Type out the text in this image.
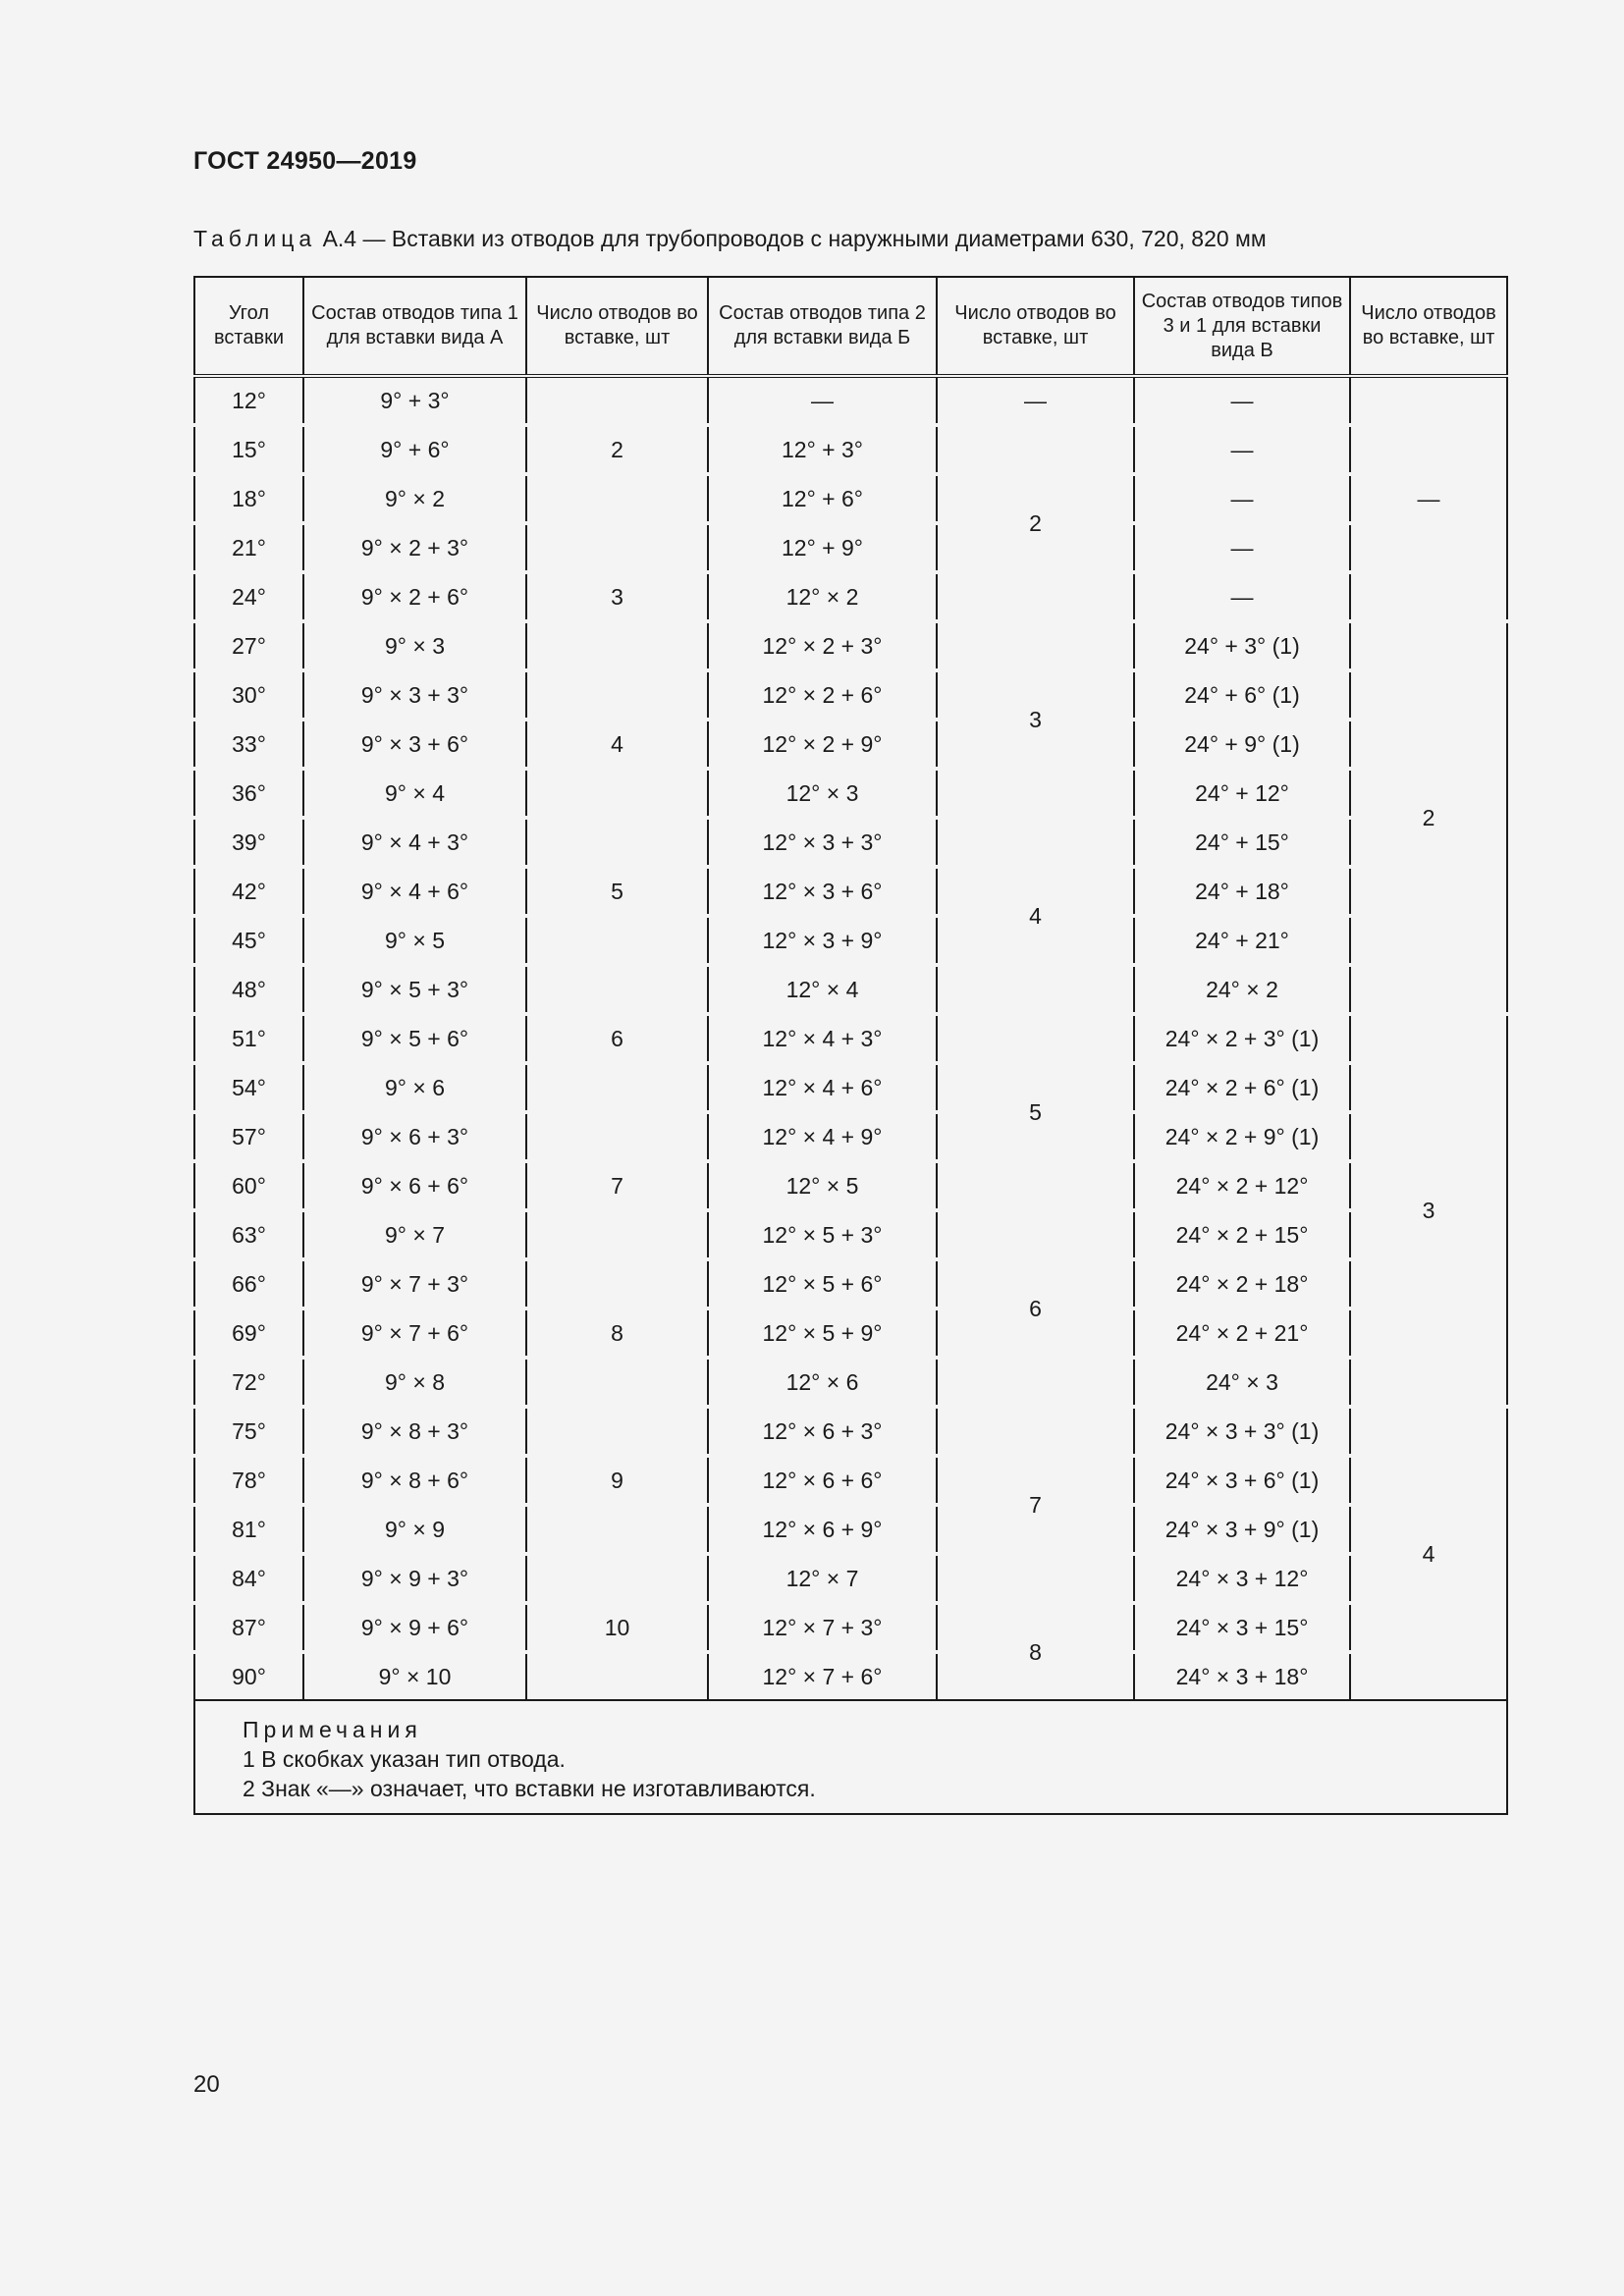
ГОСТ 24950—2019
Таблица А.4 — Вставки из отводов для трубопроводов с наружными диаметрами 630, 720, 820 мм
Угол вставки	Состав отводов типа 1 для вставки вида А	Число отводов во вставке, шт	Состав отводов типа 2 для вставки вида Б	Число отводов во вставке, шт	Состав отводов типов 3 и 1 для вставки вида В	Число отводов во вставке, шт
12°	9° + 3°	2	—	—	—	—
15°	9° + 6°		12° + 3°	2	—	
18°	9° × 2		12° + 6°		—	
21°	9° × 2 + 3°	3	12° + 9°		—	
24°	9° × 2 + 6°		12° × 2		—	
27°	9° × 3		12° × 2 + 3°	3	24° + 3° (1)	2
30°	9° × 3 + 3°	4	12° × 2 + 6°		24° + 6° (1)	
33°	9° × 3 + 6°		12° × 2 + 9°		24° + 9° (1)	
36°	9° × 4		12° × 3		24° + 12°	
39°	9° × 4 + 3°	5	12° × 3 + 3°	4	24° + 15°	
42°	9° × 4 + 6°		12° × 3 + 6°		24° + 18°	
45°	9° × 5		12° × 3 + 9°		24° + 21°	
48°	9° × 5 + 3°	6	12° × 4		24° × 2	
51°	9° × 5 + 6°		12° × 4 + 3°	5	24° × 2 + 3° (1)	3
54°	9° × 6		12° × 4 + 6°		24° × 2 + 6° (1)	
57°	9° × 6 + 3°	7	12° × 4 + 9°		24° × 2 + 9° (1)	
60°	9° × 6 + 6°		12° × 5		24° × 2 + 12°	
63°	9° × 7		12° × 5 + 3°	6	24° × 2 + 15°	
66°	9° × 7 + 3°	8	12° × 5 + 6°		24° × 2 + 18°	
69°	9° × 7 + 6°		12° × 5 + 9°		24° × 2 + 21°	
72°	9° × 8		12° × 6		24° × 3	
75°	9° × 8 + 3°	9	12° × 6 + 3°	7	24° × 3 + 3° (1)	4
78°	9° × 8 + 6°		12° × 6 + 6°		24° × 3 + 6° (1)	
81°	9° × 9		12° × 6 + 9°		24° × 3 + 9° (1)	
84°	9° × 9 + 3°	10	12° × 7		24° × 3 + 12°	
87°	9° × 9 + 6°		12° × 7 + 3°	8	24° × 3 + 15°	
90°	9° × 10		12° × 7 + 6°		24° × 3 + 18°	

Примечания
1 В скобках указан тип отвода.
2 Знак «—» означает, что вставки не изготавливаются.						
20
